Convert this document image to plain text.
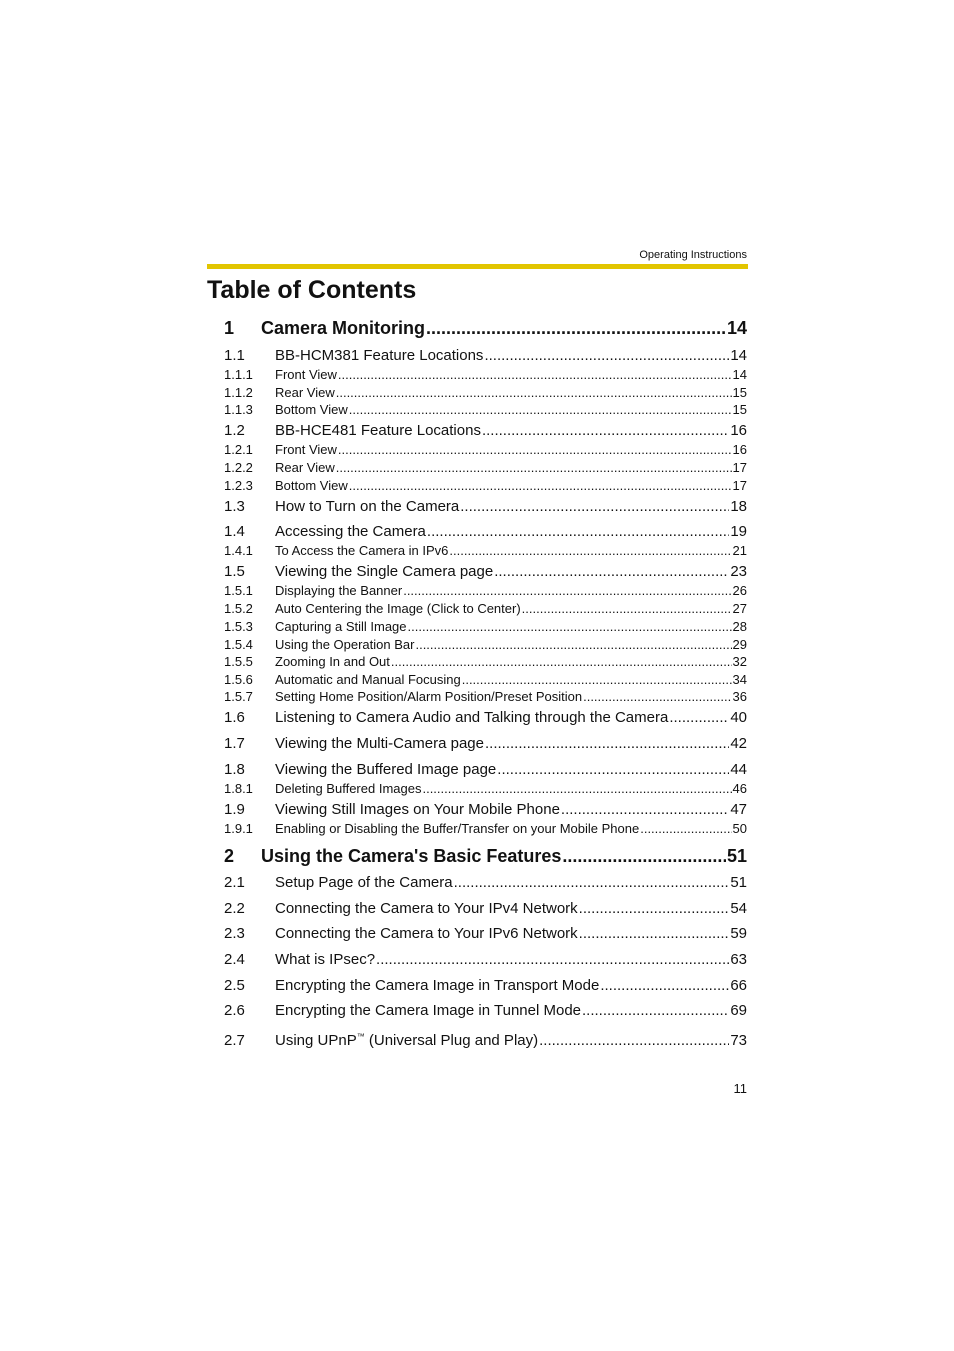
Operating Instructions
Table of Contents
1	Camera Monitoring .....	14
1.1	BB-HCM381 Feature Locations .....	14
1.1.1	Front View .....	14
1.1.2	Rear View .....	15
1.1.3	Bottom View .....	15
1.2	BB-HCE481 Feature Locations .....	16
1.2.1	Front View .....	16
1.2.2	Rear View .....	17
1.2.3	Bottom View .....	17
1.3	How to Turn on the Camera .....	18
1.4	Accessing the Camera .....	19
1.4.1	To Access the Camera in IPv6 .....	21
1.5	Viewing the Single Camera page .....	23
1.5.1	Displaying the Banner .....	26
1.5.2	Auto Centering the Image (Click to Center) .....	27
1.5.3	Capturing a Still Image .....	28
1.5.4	Using the Operation Bar .....	29
1.5.5	Zooming In and Out .....	32
1.5.6	Automatic and Manual Focusing .....	34
1.5.7	Setting Home Position/Alarm Position/Preset Position .....	36
1.6	Listening to Camera Audio and Talking through the Camera .....	40
1.7	Viewing the Multi-Camera page .....	42
1.8	Viewing the Buffered Image page .....	44
1.8.1	Deleting Buffered Images .....	46
1.9	Viewing Still Images on Your Mobile Phone .....	47
1.9.1	Enabling or Disabling the Buffer/Transfer on your Mobile Phone .....	50
2	Using the Camera's Basic Features .....	51
2.1	Setup Page of the Camera .....	51
2.2	Connecting the Camera to Your IPv4 Network .....	54
2.3	Connecting the Camera to Your IPv6 Network .....	59
2.4	What is IPsec? .....	63
2.5	Encrypting the Camera Image in Transport Mode .....	66
2.6	Encrypting the Camera Image in Tunnel Mode .....	69
2.7	Using UPnP™ (Universal Plug and Play) .....	73
11
